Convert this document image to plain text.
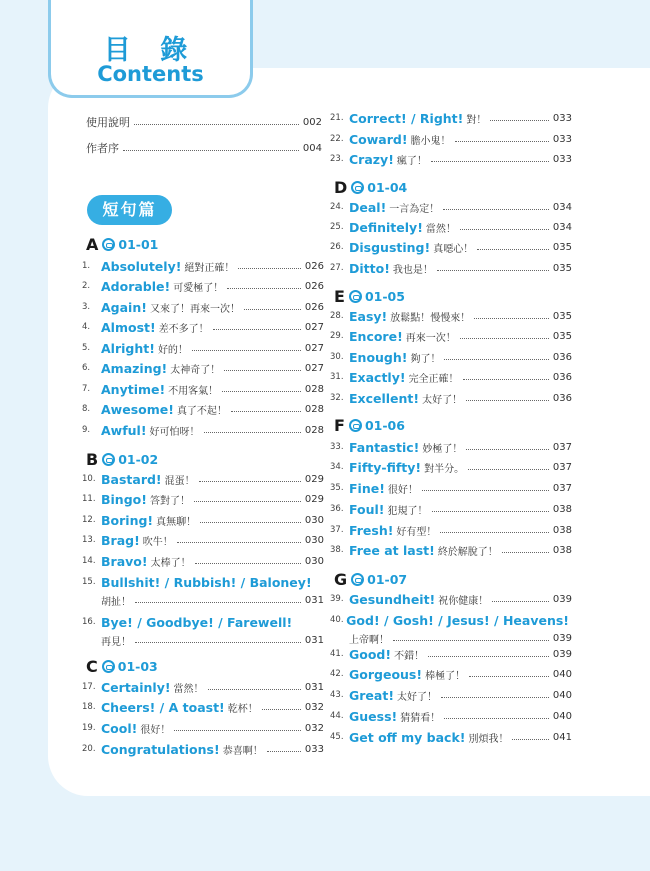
目 錄
Contents
使用說明	002
作者序	004
短句篇
A 01-01
B 01-02
C 01-03
D 01-04
E 01-05
F 01-06
G 01-07
1. Absolutely! 絕對正確！	026
2. Adorable! 可愛極了！	026
3. Again! 又來了！再來一次！	026
4. Almost! 差不多了！	027
5. Alright! 好的！	027
6. Amazing! 太神奇了！	027
7. Anytime! 不用客氣！	028
8. Awesome! 真了不起！	028
9. Awful! 好可怕呀！	028
10. Bastard! 混蛋！	029
11. Bingo! 答對了！	029
12. Boring! 真無聊！	030
13. Brag! 吹牛！	030
14. Bravo! 太棒了！	030
15. Bullshit! / Rubbish! / Baloney!
胡扯！	031
16. Bye! / Goodbye! / Farewell!
再見！	031
17. Certainly! 當然！	031
18. Cheers! / A toast! 乾杯！	032
19. Cool! 很好！	032
20. Congratulations! 恭喜啊！	033
21. Correct! / Right! 對！	033
22. Coward! 膽小鬼！	033
23. Crazy! 瘋了！	033
24. Deal! 一言為定！	034
25. Definitely! 當然！	034
26. Disgusting! 真噁心！	035
27. Ditto! 我也是！	035
28. Easy! 放鬆點！慢慢來！	035
29. Encore! 再來一次！	035
30. Enough! 夠了！	036
31. Exactly! 完全正確！	036
32. Excellent! 太好了！	036
33. Fantastic! 妙極了！	037
34. Fifty-fifty! 對半分。	037
35. Fine! 很好！	037
36. Foul! 犯規了！	038
37. Fresh! 好有型！	038
38. Free at last! 終於解脫了！	038
39. Gesundheit! 祝你健康！	039
40. God! / Gosh! / Jesus! / Heavens!
上帝啊！	039
41. Good! 不錯！	039
42. Gorgeous! 棒極了！	040
43. Great! 太好了！	040
44. Guess! 猜猜看！	040
45. Get off my back! 別煩我！	041
